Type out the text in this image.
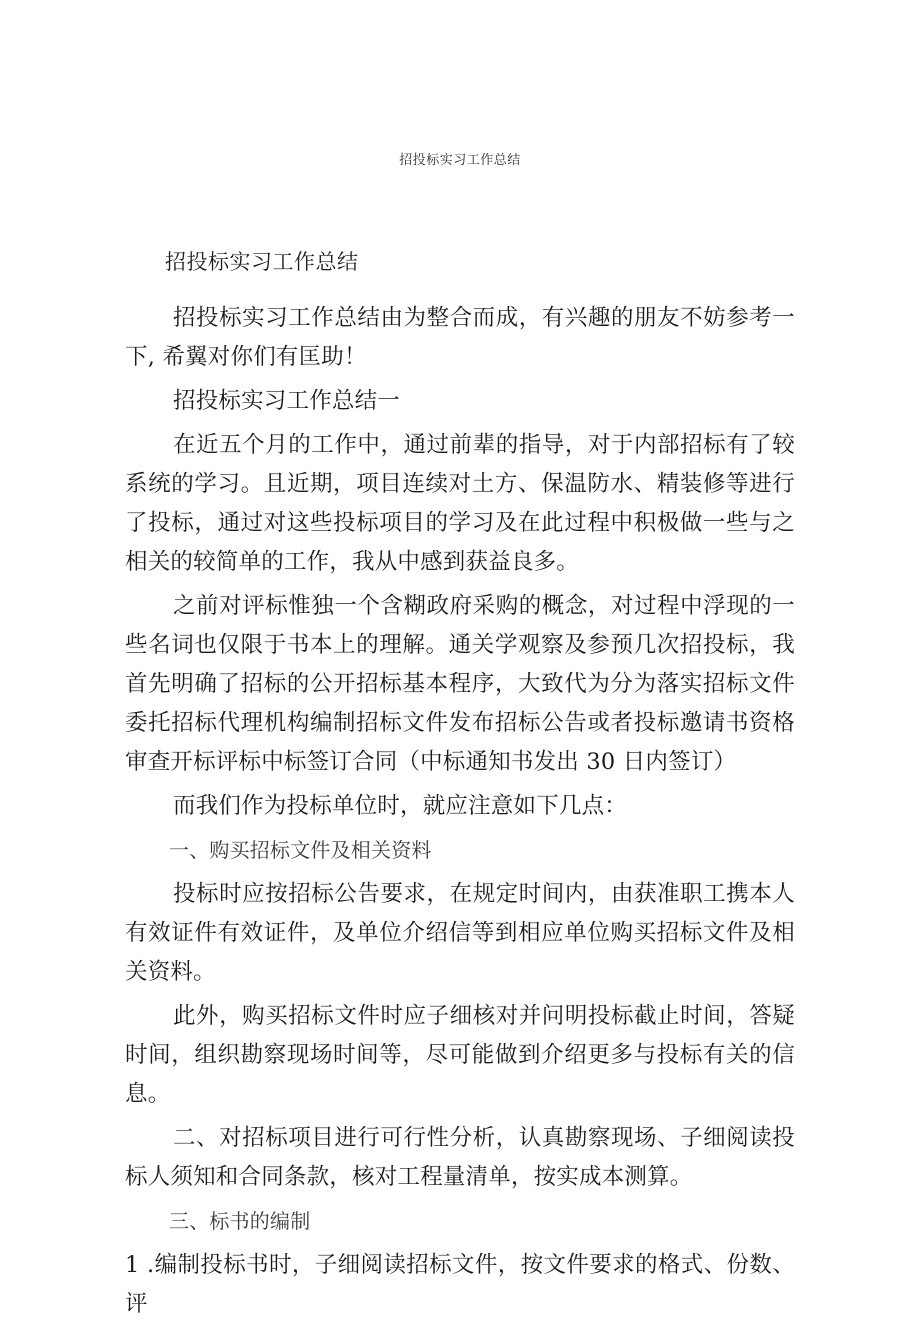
招投标实习工作总结
招投标实习工作总结

招投标实习工作总结由为整合而成，有兴趣的朋友不妨参考一下, 希翼对你们有匡助！

招投标实习工作总结一

在近五个月的工作中，通过前辈的指导，对于内部招标有了较系统的学习。且近期，项目连续对土方、保温防水、精装修等进行了投标，通过对这些投标项目的学习及在此过程中积极做一些与之相关的较简单的工作，我从中感到获益良多。

之前对评标惟独一个含糊政府采购的概念，对过程中浮现的一些名词也仅限于书本上的理解。通关学观察及参预几次招投标，我首先明确了招标的公开招标基本程序，大致代为分为落实招标文件委托招标代理机构编制招标文件发布招标公告或者投标邀请书资格审查开标评标中标签订合同（中标通知书发出 30 日内签订）

而我们作为投标单位时，就应注意如下几点：

一、购买招标文件及相关资料

投标时应按招标公告要求，在规定时间内，由获准职工携本人有效证件有效证件，及单位介绍信等到相应单位购买招标文件及相关资料。

此外，购买招标文件时应子细核对并问明投标截止时间，答疑时间，组织勘察现场时间等，尽可能做到介绍更多与投标有关的信息。

二、对招标项目进行可行性分析，认真勘察现场、子细阅读投标人须知和合同条款，核对工程量清单，按实成本测算。

三、标书的编制

1 .编制投标书时，子细阅读招标文件，按文件要求的格式、份数、评
